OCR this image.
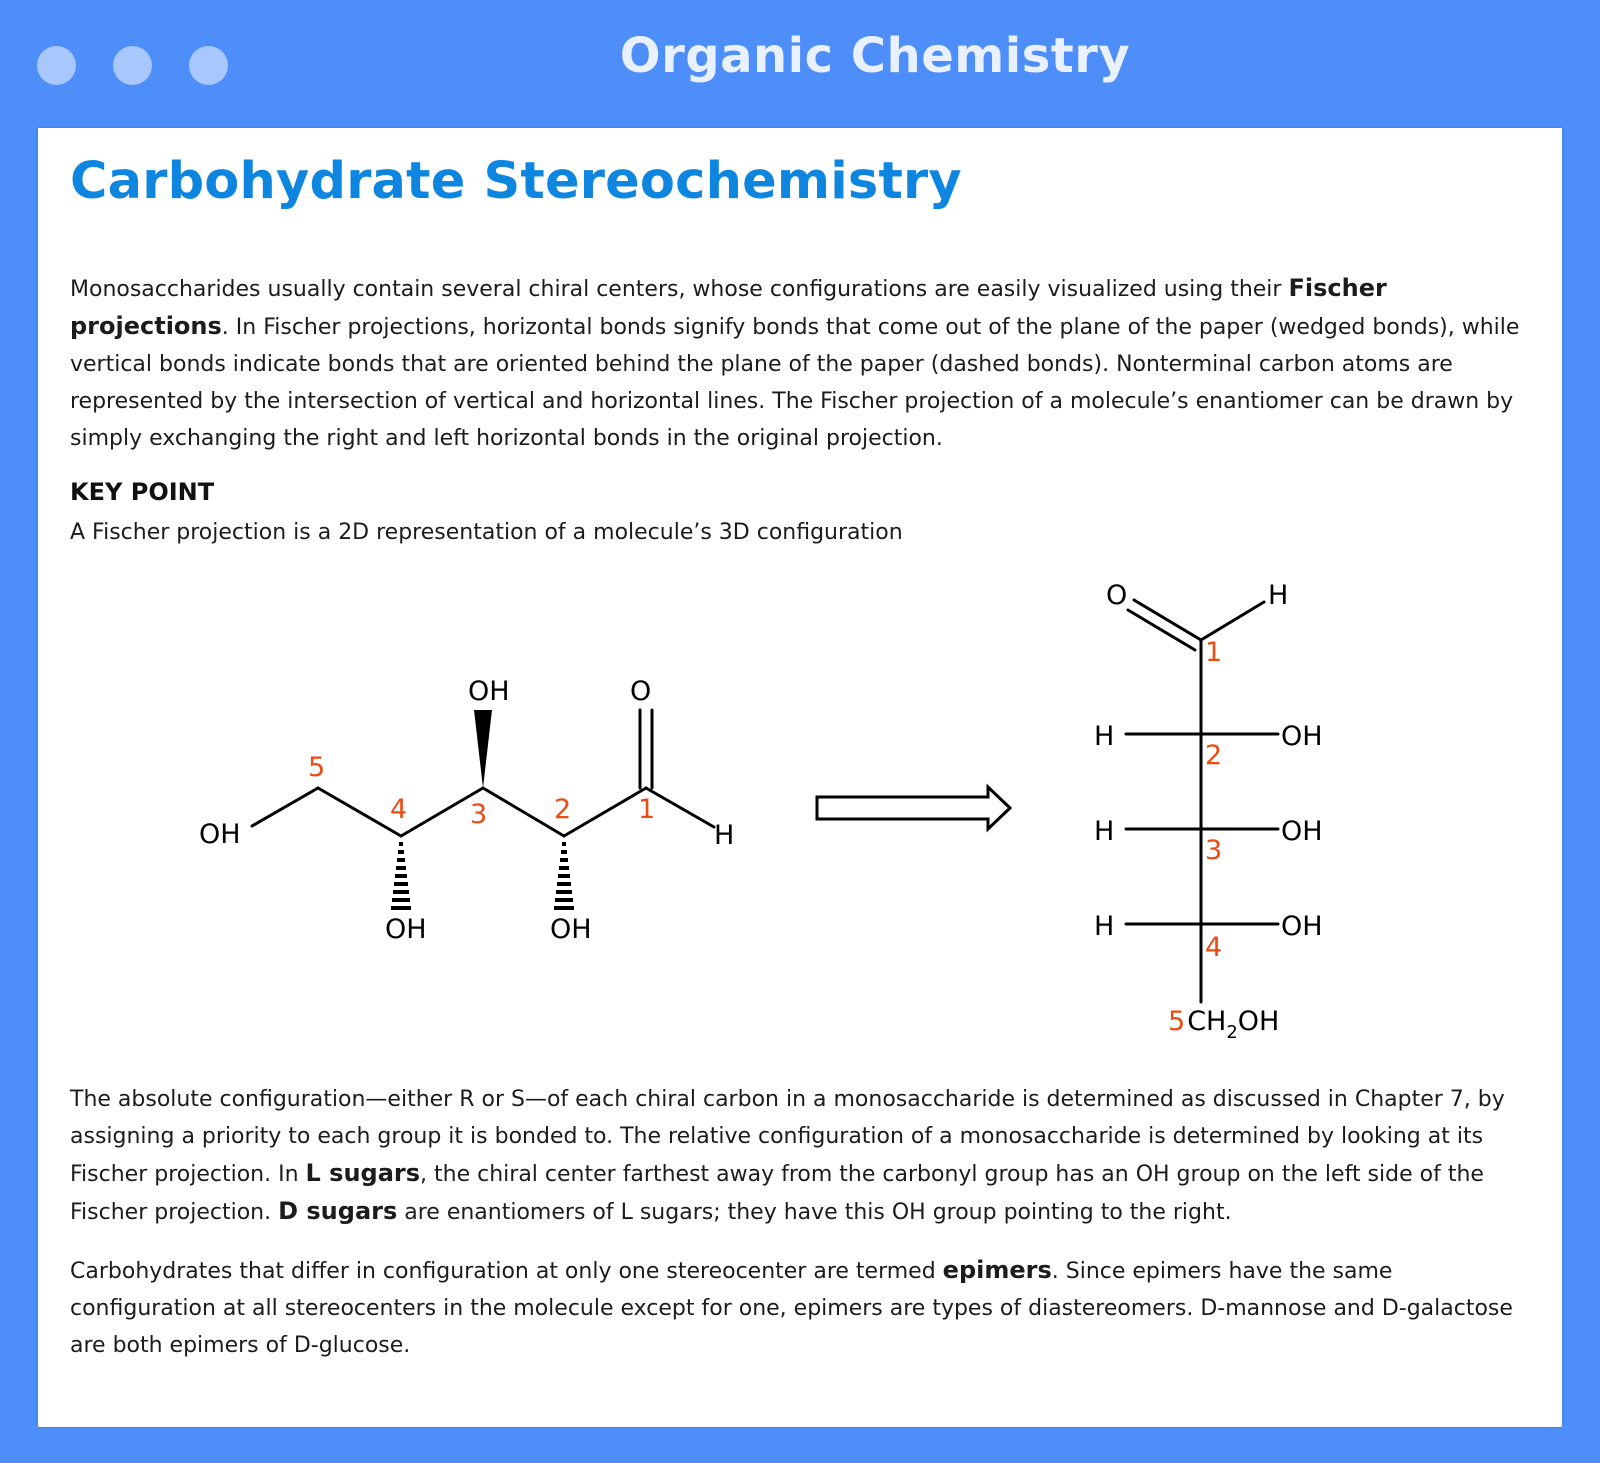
Organic Chemistry
Carbohydrate Stereochemistry

Monosaccharides usually contain several chiral centers, whose configurations are easily visualized using their Fischer projections. In Fischer projections, horizontal bonds signify bonds that come out of the plane of the paper (wedged bonds), while vertical bonds indicate bonds that are oriented behind the plane of the paper (dashed bonds). Nonterminal carbon atoms are represented by the intersection of vertical and horizontal lines. The Fischer projection of a molecule’s enantiomer can be drawn by simply exchanging the right and left horizontal bonds in the original projection.

KEY POINT

A Fischer projection is a 2D representation of a molecule’s 3D configuration

OH
OH	O
H
OH	OH
5
4 3 2 1
O	H
H
H
H
OH
OH
OH
1
2
3
4
5CH2OH

The absolute configuration—either R or S—of each chiral carbon in a monosaccharide is determined as discussed in Chapter 7, by assigning a priority to each group it is bonded to. The relative configuration of a monosaccharide is determined by looking at its Fischer projection. In L sugars, the chiral center farthest away from the carbonyl group has an OH group on the left side of the Fischer projection. D sugars are enantiomers of L sugars; they have this OH group pointing to the right.

Carbohydrates that differ in configuration at only one stereocenter are termed epimers. Since epimers have the same configuration at all stereocenters in the molecule except for one, epimers are types of diastereomers. D-mannose and D-galactose are both epimers of D-glucose.
